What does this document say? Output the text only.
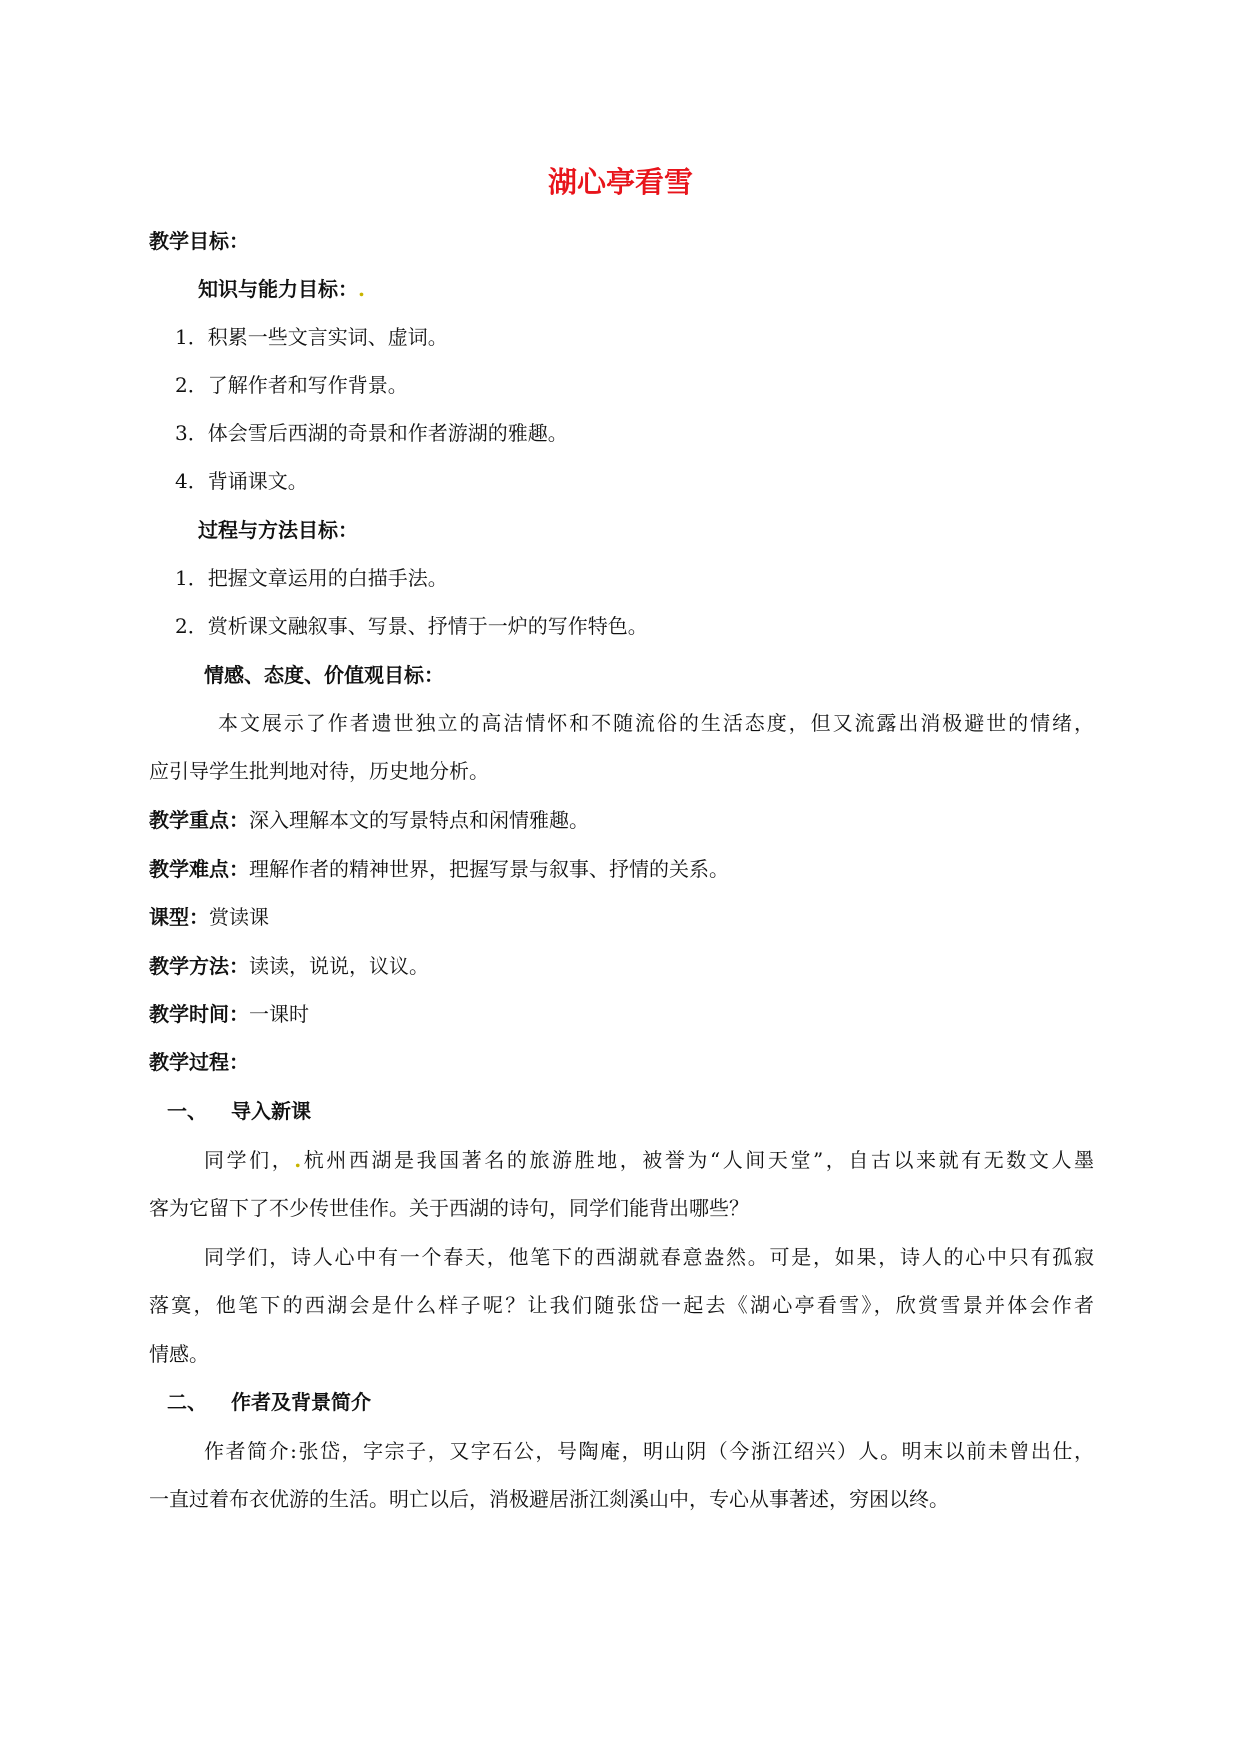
湖心亭看雪
教学目标：
知识与能力目标：.
1．积累一些文言实词、虚词。
2．了解作者和写作背景。
3．体会雪后西湖的奇景和作者游湖的雅趣。
4．背诵课文。
过程与方法目标：
1．把握文章运用的白描手法。
2．赏析课文融叙事、写景、抒情于一炉的写作特色。
情感、态度、价值观目标：
本文展示了作者遗世独立的高洁情怀和不随流俗的生活态度，但又流露出消极避世的情绪，
应引导学生批判地对待，历史地分析。
教学重点：深入理解本文的写景特点和闲情雅趣。
教学难点：理解作者的精神世界，把握写景与叙事、抒情的关系。
课型：赏读课
教学方法：读读，说说，议议。
教学时间：一课时
教学过程：
一、 导入新课
同学们，.杭州西湖是我国著名的旅游胜地，被誉为“人间天堂”，自古以来就有无数文人墨
客为它留下了不少传世佳作。关于西湖的诗句，同学们能背出哪些？
同学们，诗人心中有一个春天，他笔下的西湖就春意盎然。可是，如果，诗人的心中只有孤寂
落寞，他笔下的西湖会是什么样子呢？让我们随张岱一起去《湖心亭看雪》，欣赏雪景并体会作者
情感。
二、 作者及背景简介
作者简介:张岱，字宗子，又字石公，号陶庵，明山阴（今浙江绍兴）人。明末以前未曾出仕，
一直过着布衣优游的生活。明亡以后，消极避居浙江剡溪山中，专心从事著述，穷困以终。
